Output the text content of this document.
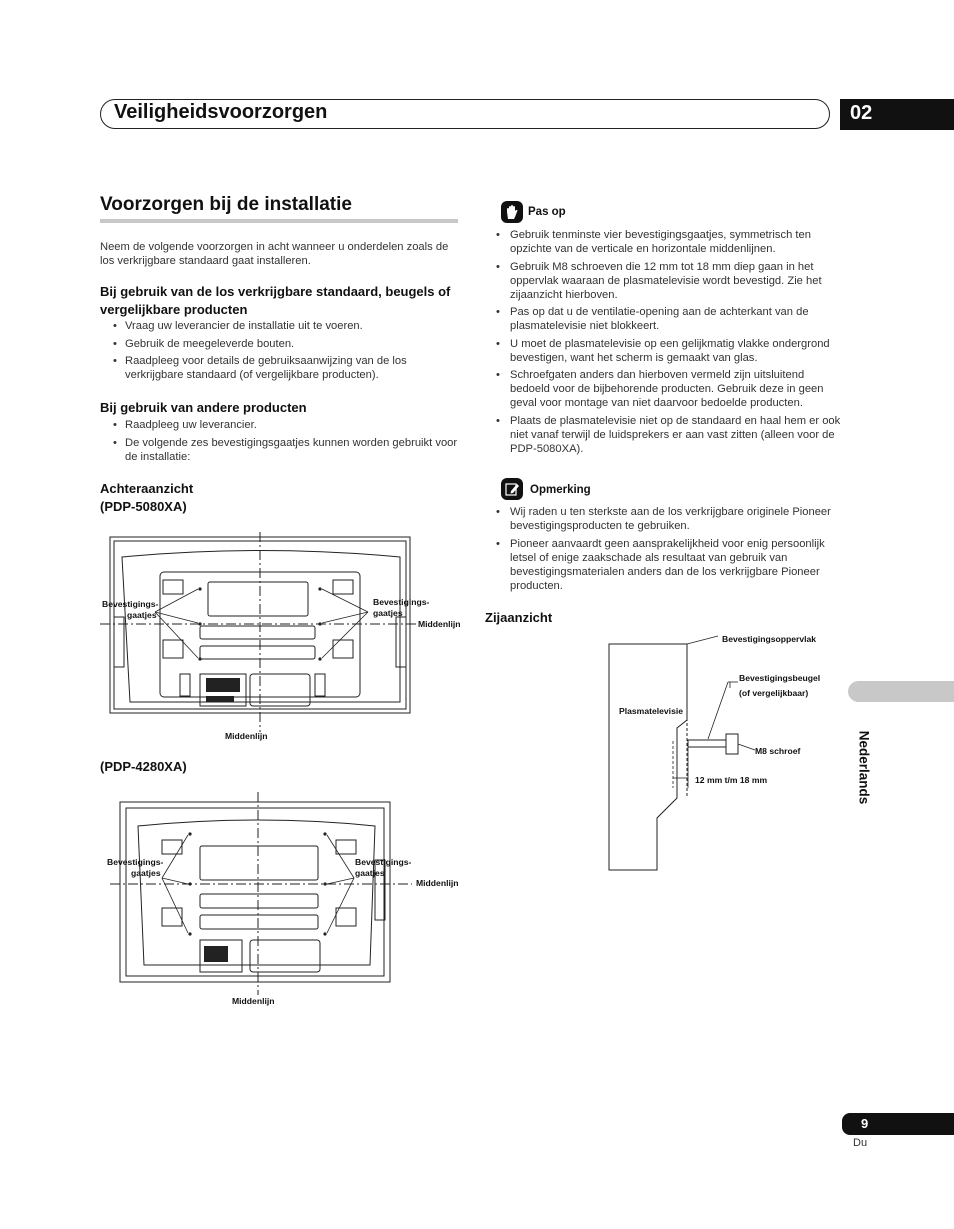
Veiligheidsvoorzorgen	02
Voorzorgen bij de installatie
Neem de volgende voorzorgen in acht wanneer u onderdelen zoals de los verkrijgbare standaard gaat installeren.
Bij gebruik van de los verkrijgbare standaard, beugels of vergelijkbare producten
• Vraag uw leverancier de installatie uit te voeren.
• Gebruik de meegeleverde bouten.
• Raadpleeg voor details de gebruiksaanwijzing van de los verkrijgbare standaard (of vergelijkbare producten).
Bij gebruik van andere producten
• Raadpleeg uw leverancier.
• De volgende zes bevestigingsgaatjes kunnen worden gebruikt voor de installatie:
Achteraanzicht
(PDP-5080XA)
Bevestigings-
gaatjes
Bevestigings-
gaatjes
Middenlijn
Middenlijn
(PDP-4280XA)
Bevestigings-
gaatjes
Bevestigings-
gaatjes
Middenlijn
Middenlijn
Pas op
• Gebruik tenminste vier bevestigingsgaatjes, symmetrisch ten opzichte van de verticale en horizontale middenlijnen.
• Gebruik M8 schroeven die 12 mm tot 18 mm diep gaan in het oppervlak waaraan de plasmatelevisie wordt bevestigd. Zie het zijaanzicht hierboven.
• Pas op dat u de ventilatie-opening aan de achterkant van de plasmatelevisie niet blokkeert.
• U moet de plasmatelevisie op een gelijkmatig vlakke ondergrond bevestigen, want het scherm is gemaakt van glas.
• Schroefgaten anders dan hierboven vermeld zijn uitsluitend bedoeld voor de bijbehorende producten. Gebruik deze in geen geval voor montage van niet daarvoor bedoelde producten.
• Plaats de plasmatelevisie niet op de standaard en haal hem er ook niet vanaf terwijl de luidsprekers er aan vast zitten (alleen voor de PDP-5080XA).
Opmerking
• Wij raden u ten sterkste aan de los verkrijgbare originele Pioneer bevestigingsproducten te gebruiken.
• Pioneer aanvaardt geen aansprakelijkheid voor enig persoonlijk letsel of enige zaakschade als resultaat van gebruik van bevestigingsmaterialen anders dan de los verkrijgbare Pioneer producten.
Zijaanzicht
Bevestigingsoppervlak
Bevestigingsbeugel
(of vergelijkbaar)
Plasmatelevisie
M8 schroef
12 mm t/m 18 mm	Nederlands
9
Du
